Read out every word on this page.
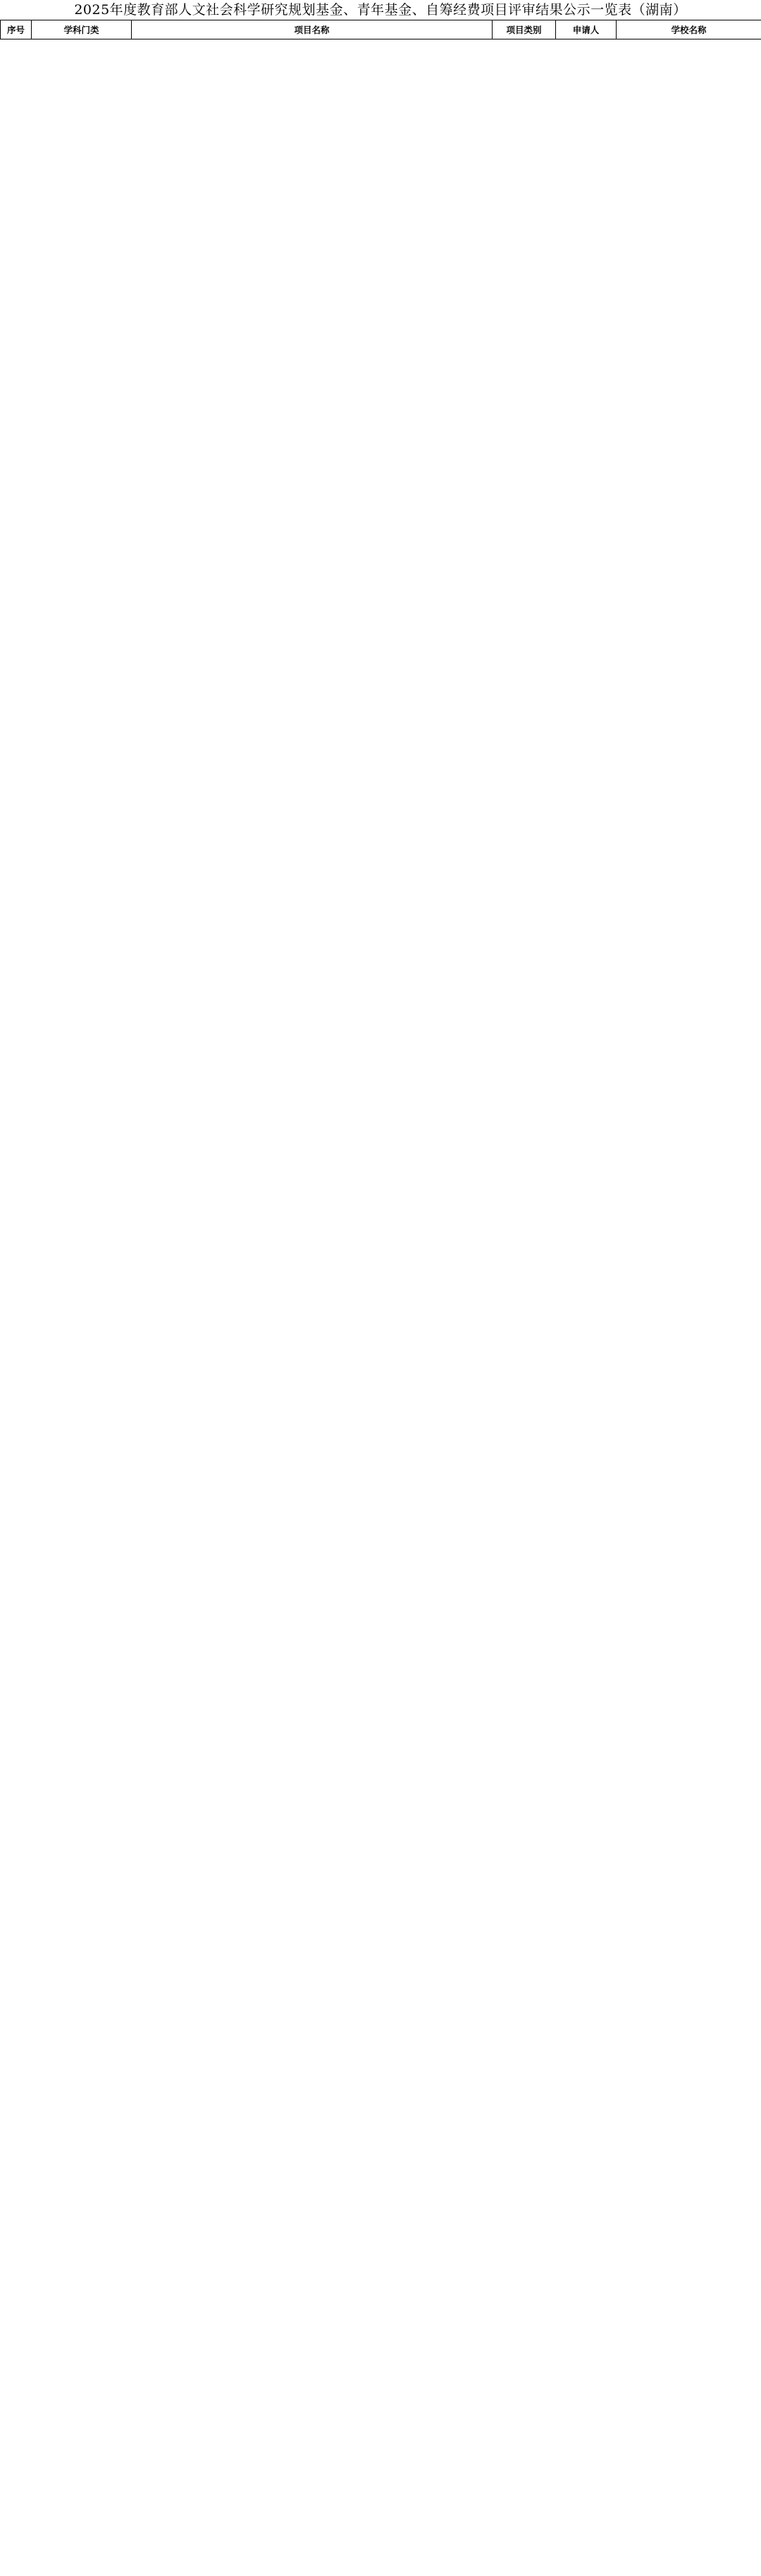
2025年度教育部人文社会科学研究规划基金、青年基金、自筹经费项目评审结果公示一览表（湖南）
序号	学科门类	项目名称	项目类别	申请人	学校名称
